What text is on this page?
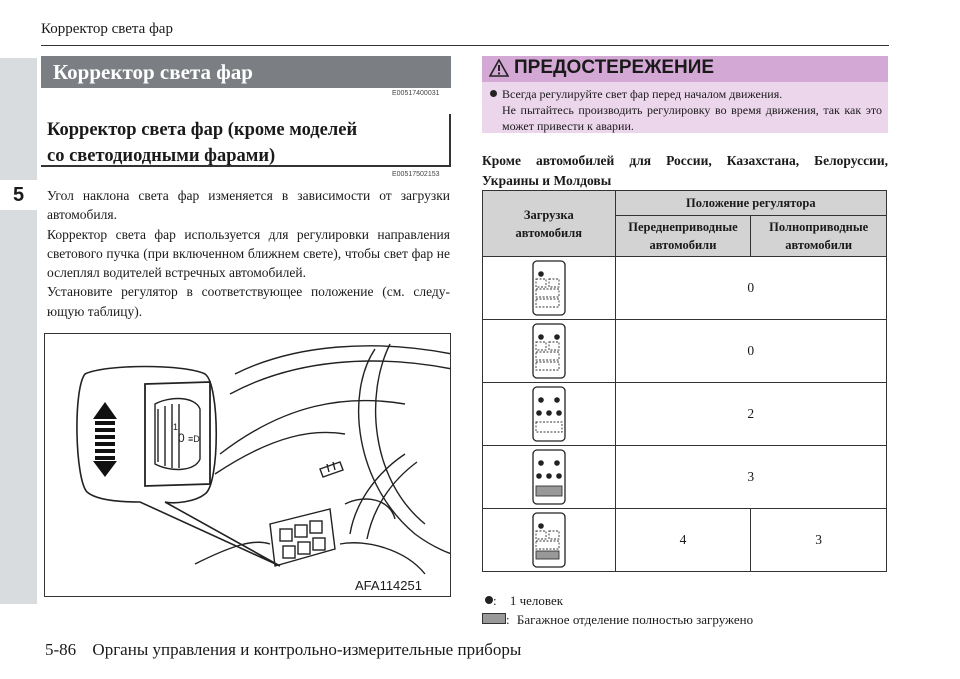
Корректор света фар
5
Корректор света фар
E00517400031
Корректор света фар (кроме моделей
со светодиодными фарами)
E00517502153

Угол наклона света фар изменяется в зависимости от загрузки автомобиля.

Корректор света фар используется для регулировки направления светового пучка (при включенном ближнем свете), чтобы свет фар не ослеплял водителей встречных автомобилей.

Установите регулятор в соответствующее положение (см. следу-ющую таблицу).

0 ≡D
1
AFA114251
ПРЕДОСТЕРЕЖЕНИЕ

Всегда регулируйте свет фар перед началом движения.

Не пытайтесь производить регулировку во время движения, так как это может привести к аварии.

Кроме автомобилей для России, Казахстана, Белоруссии, Украины и Молдовы
Загрузка автомобиля	Положение регулятора	
	Переднеприводные автомобили	Полноприводные автомобили

	0	

	0	

	2	

	3	

	4	3
: 1 человек
: Багажное отделение полностью загружено
5-86 Органы управления и контрольно-измерительные приборы
